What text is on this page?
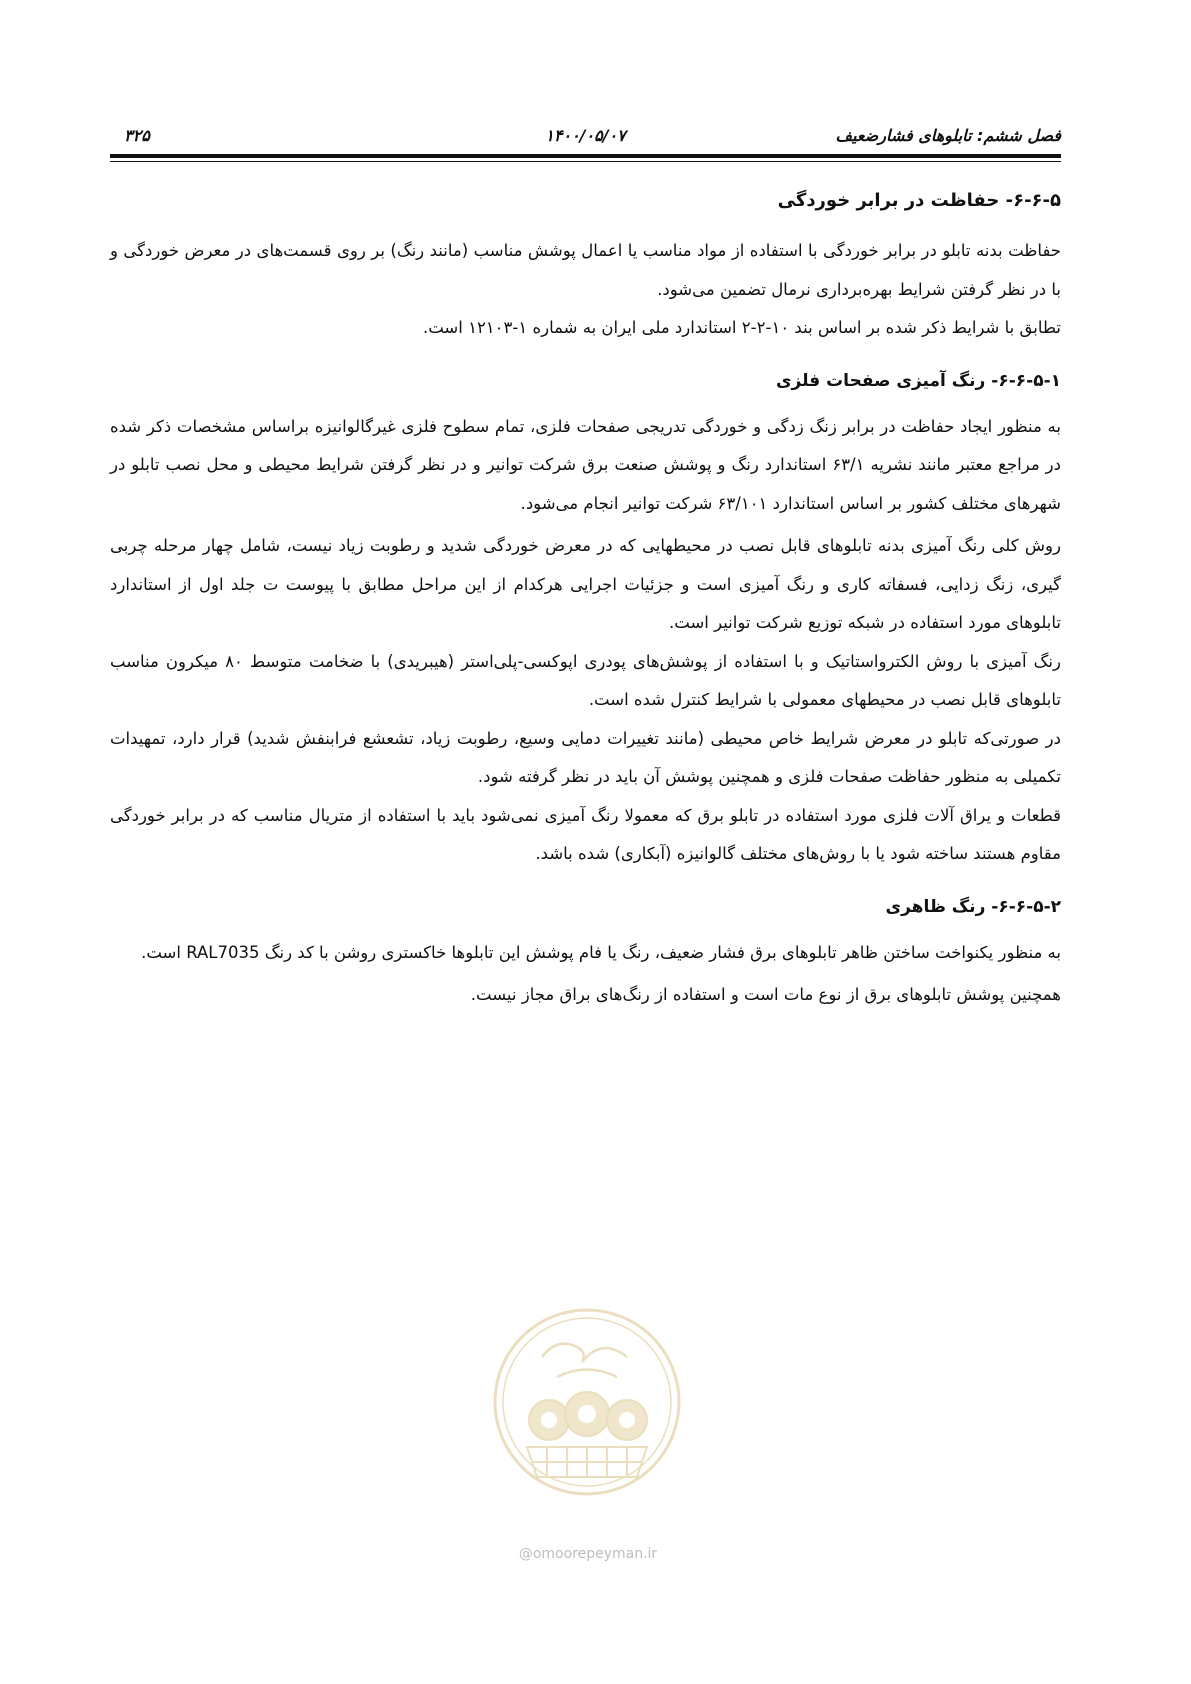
فصل ششم: تابلوهای فشارضعیف
۱۴۰۰/۰۵/۰۷
۳۲۵
۶-۶-۵- حفاظت در برابر خوردگی

حفاظت بدنه تابلو در برابر خوردگی با استفاده از مواد مناسب یا اعمال پوشش مناسب (مانند رنگ) بر روی قسمت‌های در معرض خوردگی و با در نظر گرفتن شرایط بهره‌برداری نرمال تضمین می‌شود.

تطابق با شرایط ذکر شده بر اساس بند ۱۰-۲-۲ استاندارد ملی ایران به شماره ۱-۱۲۱۰۳ است.

۶-۶-۵-۱- رنگ آمیزی صفحات فلزی

به منظور ایجاد حفاظت در برابر زنگ زدگی و خوردگی تدریجی صفحات فلزی، تمام سطوح فلزی غیرگالوانیزه براساس مشخصات ذکر شده در مراجع معتبر مانند نشریه ۶۳/۱ استاندارد رنگ و پوشش صنعت برق شرکت توانیر و در نظر گرفتن شرایط محیطی و محل نصب تابلو در شهرهای مختلف کشور بر اساس استاندارد ۶۳/۱۰۱ شرکت توانیر انجام می‌شود.

روش کلی رنگ آمیزی بدنه تابلوهای قابل نصب در محیطهایی که در معرض خوردگی شدید و رطوبت زیاد نیست، شامل چهار مرحله چربی گیری، زنگ زدایی، فسفاته کاری و رنگ آمیزی است و جزئیات اجرایی هرکدام از این مراحل مطابق با پیوست ت جلد اول از استاندارد تابلوهای مورد استفاده در شبکه توزیع شرکت توانیر است.

رنگ آمیزی با روش الکترواستاتیک و با استفاده از پوشش‌های پودری اپوکسی-پلی‌استر (هیبریدی) با ضخامت متوسط ۸۰ میکرون مناسب تابلوهای قابل نصب در محیطهای معمولی با شرایط کنترل شده است.

در صورتی‌که تابلو در معرض شرایط خاص محیطی (مانند تغییرات دمایی وسیع، رطوبت زیاد، تشعشع فرابنفش شدید) قرار دارد، تمهیدات تکمیلی به منظور حفاظت صفحات فلزی و همچنین پوشش آن باید در نظر گرفته شود.

قطعات و یراق آلات فلزی مورد استفاده در تابلو برق که معمولا رنگ آمیزی نمی‌شود باید با استفاده از متریال مناسب که در برابر خوردگی مقاوم هستند ساخته شود یا با روش‌های مختلف گالوانیزه (آبکاری) شده باشد.

۶-۶-۵-۲- رنگ ظاهری

به منظور یکنواخت ساختن ظاهر تابلوهای برق فشار ضعیف، رنگ یا فام پوشش این تابلوها خاکستری روشن با کد رنگ RAL7035 است.

همچنین پوشش تابلوهای برق از نوع مات است و استفاده از رنگ‌های براق مجاز نیست.

@omoorepeyman.ir
